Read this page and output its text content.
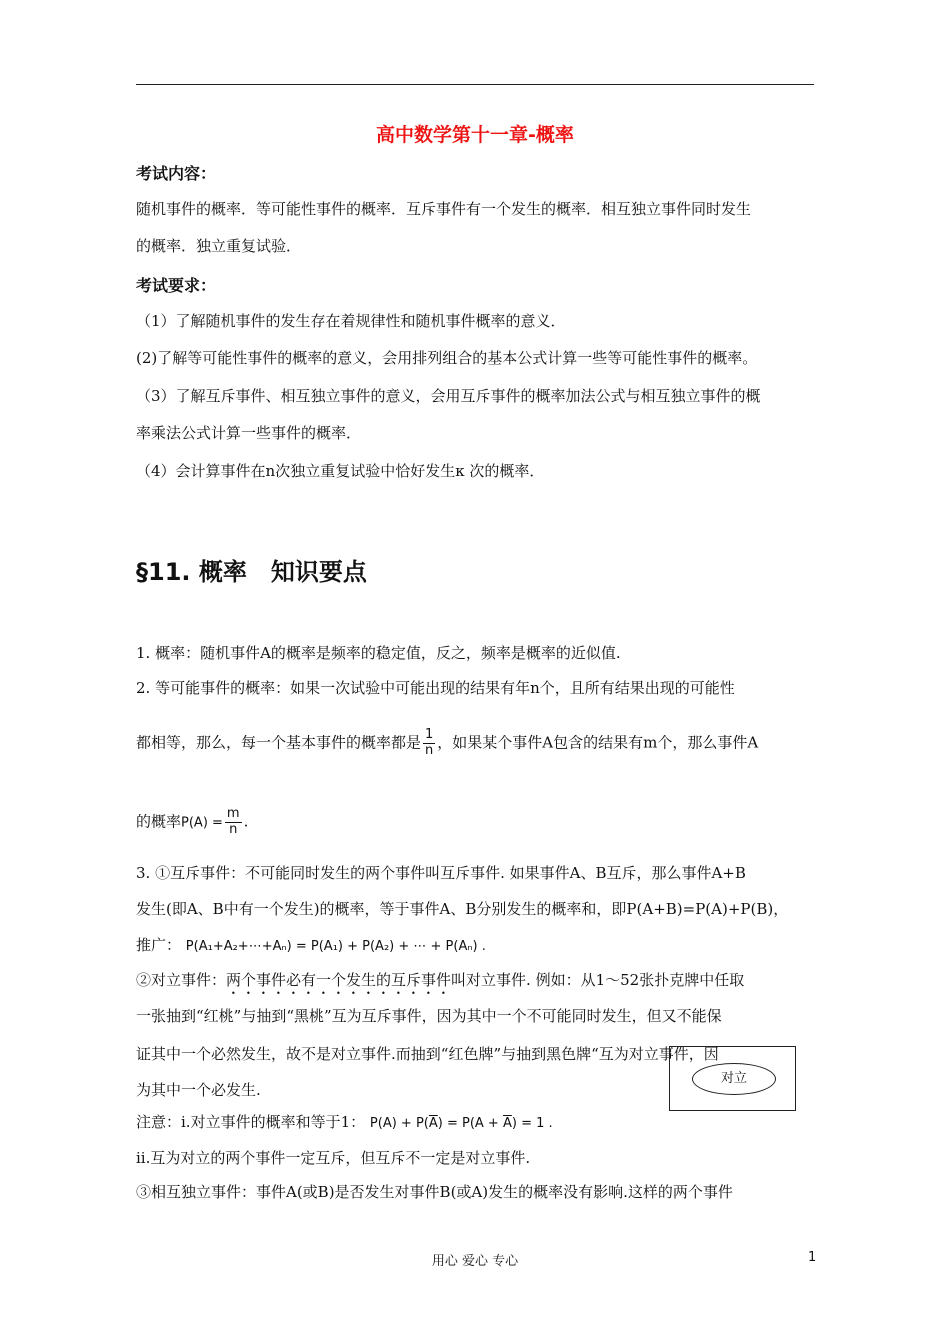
高中数学第十一章-概率
考试内容：
随机事件的概率．等可能性事件的概率．互斥事件有一个发生的概率．相互独立事件同时发生
的概率．独立重复试验．
考试要求：
（1）了解随机事件的发生存在着规律性和随机事件概率的意义．
(2)了解等可能性事件的概率的意义，会用排列组合的基本公式计算一些等可能性事件的概率。
（3）了解互斥事件、相互独立事件的意义，会用互斥事件的概率加法公式与相互独立事件的概
率乘法公式计算一些事件的概率．
（4）会计算事件在n次独立重复试验中恰好发生κ 次的概率．
§11. 概率　知识要点
1. 概率：随机事件A的概率是频率的稳定值，反之，频率是概率的近似值.
2. 等可能事件的概率：如果一次试验中可能出现的结果有年n个，且所有结果出现的可能性
都相等，那么，每一个基本事件的概率都是 $\frac{1}{n}$ ，如果某个事件A包含的结果有m个，那么事件A
的概率$P(A) = \frac{m}{n}$ .
3. ①互斥事件：不可能同时发生的两个事件叫互斥事件. 如果事件A、B互斥，那么事件A+B
发生(即A、B中有一个发生)的概率，等于事件A、B分别发生的概率和，即P(A+B)=P(A)+P(B)，
推广： P(A₁+A₂+⋯+Aₙ) = P(A₁) + P(A₂) + ⋯ + P(Aₙ) .
②对立事件：两个事件必有一个发生的互斥事件叫对立事件. 例如：从1～52张扑克牌中任取
一张抽到“红桃”与抽到“黑桃”互为互斥事件，因为其中一个不可能同时发生，但又不能保
证其中一个必然发生，故不是对立事件.而抽到“红色牌”与抽到黑色牌“互为对立事件，因
为其中一个必发生.
对立
注意：i.对立事件的概率和等于1： $P(A) + P(\overline{A}) = P(A + \overline{A}) = 1$ .
ii.互为对立的两个事件一定互斥，但互斥不一定是对立事件.
③相互独立事件：事件A(或B)是否发生对事件B(或A)发生的概率没有影响.这样的两个事件
用心 爱心 专心	1
